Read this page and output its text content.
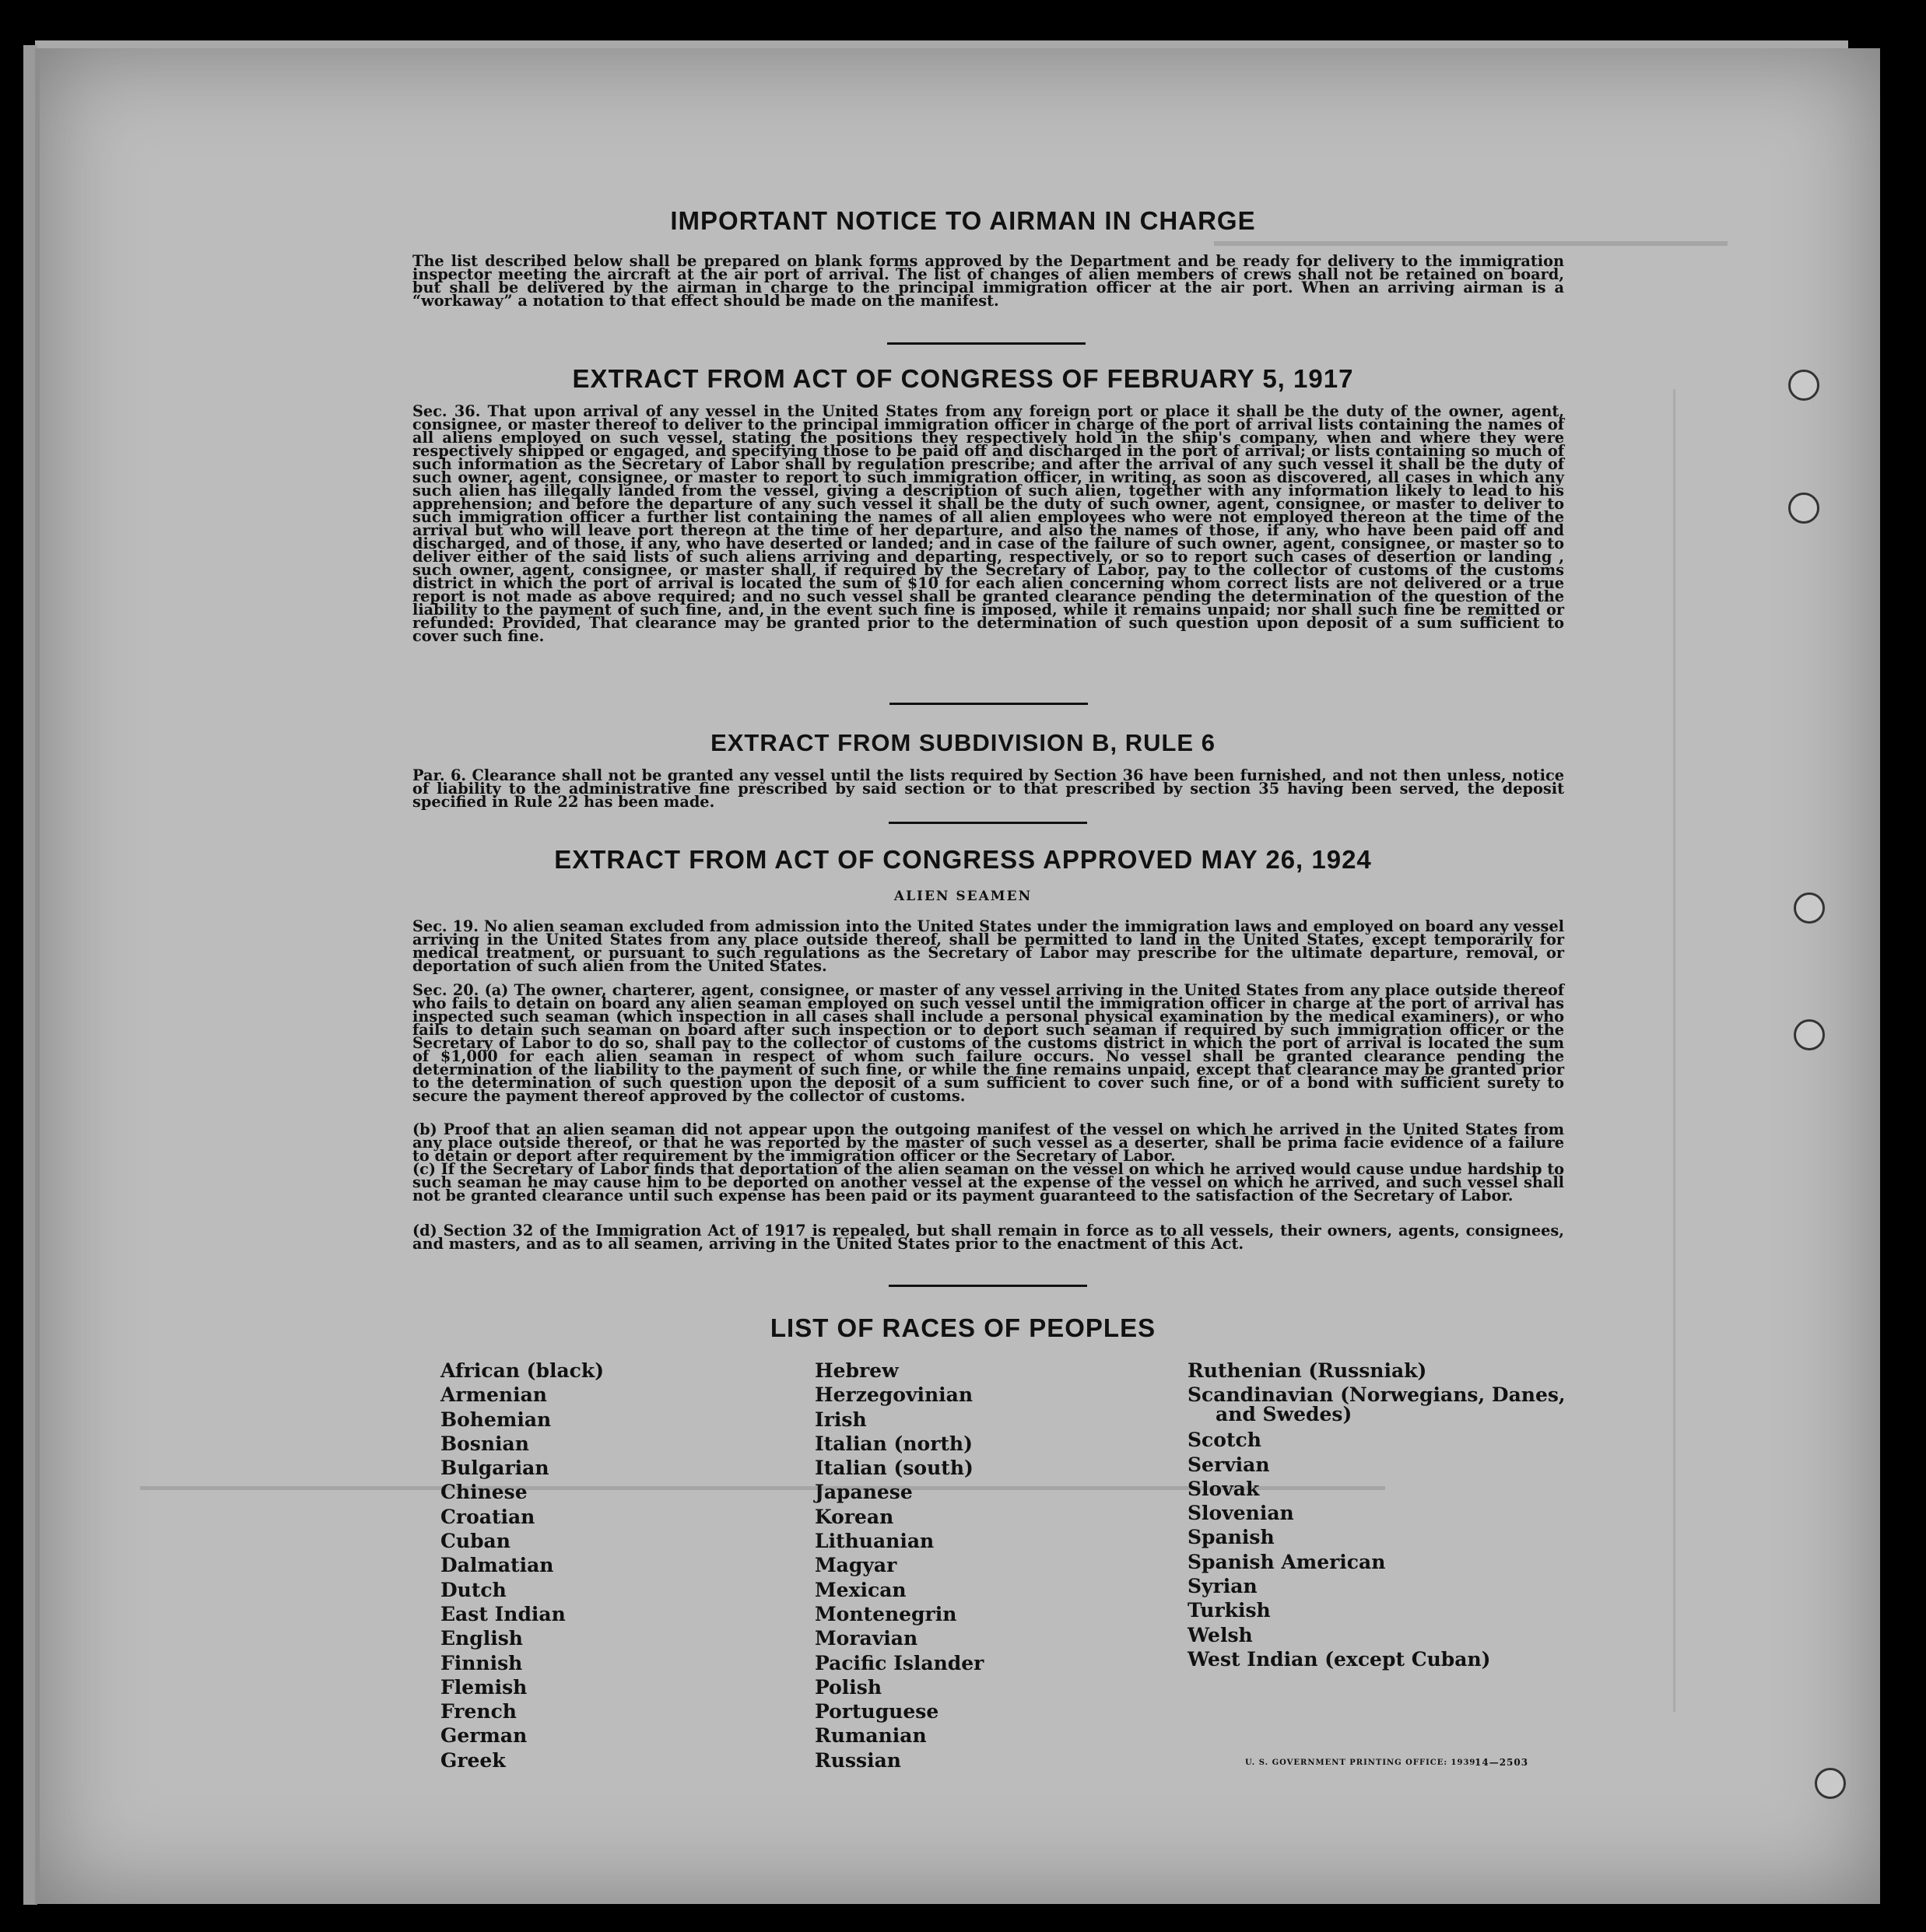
IMPORTANT NOTICE TO AIRMAN IN CHARGE

The list described below shall be prepared on blank forms approved by the Department and be ready for delivery to the immigration inspector meeting the aircraft at the air port of arrival. The list of changes of alien members of crews shall not be retained on board, but shall be delivered by the airman in charge to the principal immigration officer at the air port. When an arriving airman is a “workaway” a notation to that effect should be made on the manifest.

EXTRACT FROM ACT OF CONGRESS OF FEBRUARY 5, 1917

Sec. 36. That upon arrival of any vessel in the United States from any foreign port or place it shall be the duty of the owner, agent, consignee, or master thereof to deliver to the principal immigration officer in charge of the port of arrival lists containing the names of all aliens employed on such vessel, stating the positions they respectively hold in the ship's company, when and where they were respectively shipped or engaged, and specifying those to be paid off and discharged in the port of arrival; or lists containing so much of such information as the Secretary of Labor shall by regulation prescribe; and after the arrival of any such vessel it shall be the duty of such owner, agent, consignee, or master to report to such immigration officer, in writing, as soon as discovered, all cases in which any such alien has illegally landed from the vessel, giving a description of such alien, together with any information likely to lead to his apprehension; and before the departure of any such vessel it shall be the duty of such owner, agent, consignee, or master to deliver to such immigration officer a further list containing the names of all alien employees who were not employed thereon at the time of the arrival but who will leave port thereon at the time of her departure, and also the names of those, if any, who have been paid off and discharged, and of those, if any, who have deserted or landed; and in case of the failure of such owner, agent, consignee, or master so to deliver either of the said lists of such aliens arriving and departing, respectively, or so to report such cases of desertion or landing , such owner, agent, consignee, or master shall, if required by the Secretary of Labor, pay to the collector of customs of the customs district in which the port of arrival is located the sum of $10 for each alien concerning whom correct lists are not delivered or a true report is not made as above required; and no such vessel shall be granted clearance pending the determination of the question of the liability to the payment of such fine, and, in the event such fine is imposed, while it remains unpaid; nor shall such fine be remitted or refunded: Provided, That clearance may be granted prior to the determination of such question upon deposit of a sum sufficient to cover such fine.

EXTRACT FROM SUBDIVISION B, RULE 6

Par. 6. Clearance shall not be granted any vessel until the lists required by Section 36 have been furnished, and not then unless, notice of liability to the administrative fine prescribed by said section or to that prescribed by section 35 having been served, the deposit specified in Rule 22 has been made.

EXTRACT FROM ACT OF CONGRESS APPROVED MAY 26, 1924
ALIEN SEAMEN

Sec. 19. No alien seaman excluded from admission into the United States under the immigration laws and employed on board any vessel arriving in the United States from any place outside thereof, shall be permitted to land in the United States, except temporarily for medical treatment, or pursuant to such regulations as the Secretary of Labor may prescribe for the ultimate departure, removal, or deportation of such alien from the United States.

Sec. 20. (a) The owner, charterer, agent, consignee, or master of any vessel arriving in the United States from any place outside thereof who fails to detain on board any alien seaman employed on such vessel until the immigration officer in charge at the port of arrival has inspected such seaman (which inspection in all cases shall include a personal physical examination by the medical examiners), or who fails to detain such seaman on board after such inspection or to deport such seaman if required by such immigration officer or the Secretary of Labor to do so, shall pay to the collector of customs of the customs district in which the port of arrival is located the sum of $1,000 for each alien seaman in respect of whom such failure occurs. No vessel shall be granted clearance pending the determination of the liability to the payment of such fine, or while the fine remains unpaid, except that clearance may be granted prior to the determination of such question upon the deposit of a sum sufficient to cover such fine, or of a bond with sufficient surety to secure the payment thereof approved by the collector of customs.

(b) Proof that an alien seaman did not appear upon the outgoing manifest of the vessel on which he arrived in the United States from any place outside thereof, or that he was reported by the master of such vessel as a deserter, shall be prima facie evidence of a failure to detain or deport after requirement by the immigration officer or the Secretary of Labor.

(c) If the Secretary of Labor finds that deportation of the alien seaman on the vessel on which he arrived would cause undue hardship to such seaman he may cause him to be deported on another vessel at the expense of the vessel on which he arrived, and such vessel shall not be granted clearance until such expense has been paid or its payment guaranteed to the satisfaction of the Secretary of Labor.

(d) Section 32 of the Immigration Act of 1917 is repealed, but shall remain in force as to all vessels, their owners, agents, consignees, and masters, and as to all seamen, arriving in the United States prior to the enactment of this Act.

LIST OF RACES OF PEOPLES
African (black)
Armenian
Bohemian
Bosnian
Bulgarian
Chinese
Croatian
Cuban
Dalmatian
Dutch
East Indian
English
Finnish
Flemish
French
German
Greek
Hebrew
Herzegovinian
Irish
Italian (north)
Italian (south)
Japanese
Korean
Lithuanian
Magyar
Mexican
Montenegrin
Moravian
Pacific Islander
Polish
Portuguese
Rumanian
Russian
Ruthenian (Russniak)
Scandinavian (Norwegians, Danes,
and Swedes)
Scotch
Servian
Slovak
Slovenian
Spanish
Spanish American
Syrian
Turkish
Welsh
West Indian (except Cuban)
U. S. GOVERNMENT PRINTING OFFICE: 1939
14—2503
